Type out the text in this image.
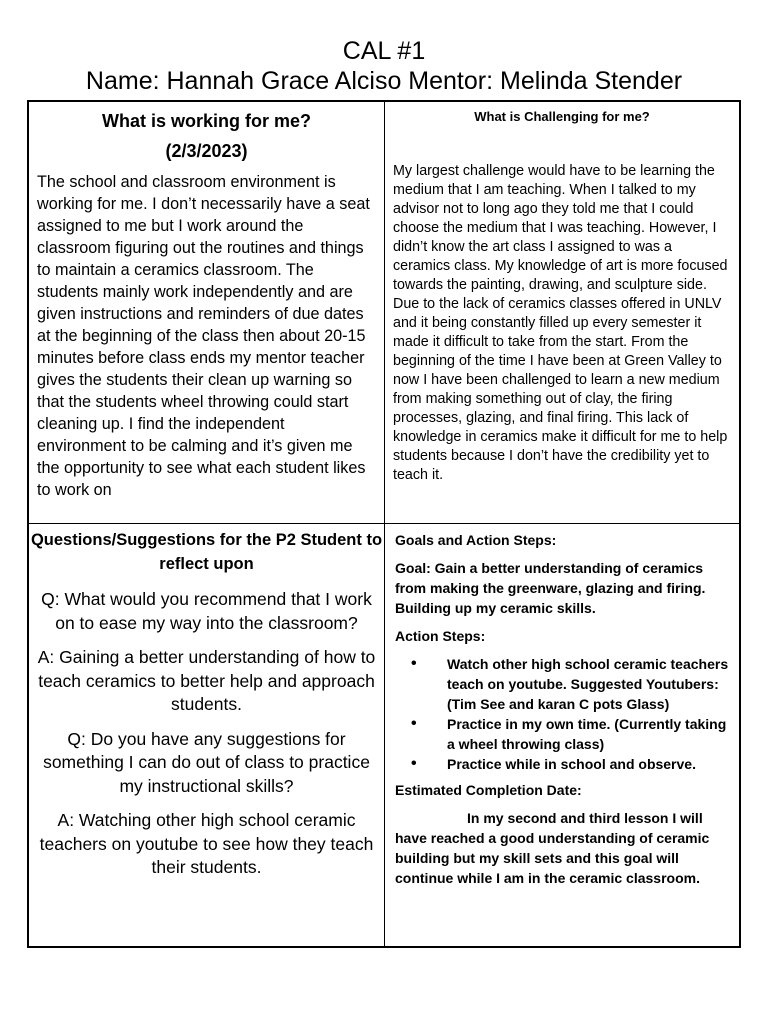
CAL #1
Name: Hannah Grace Alciso Mentor: Melinda Stender
What is working for me?
(2/3/2023)
The school and classroom environment is working for me. I don’t necessarily have a seat assigned to me but I work around the classroom figuring out the routines and things to maintain a ceramics classroom. The students mainly work independently and are given instructions and reminders of due dates at the beginning of the class then about 20-15 minutes before class ends my mentor teacher gives the students their clean up warning so that the students wheel throwing could start cleaning up. I find the independent environment to be calming and it’s given me the opportunity to see what each student likes to work on
What is Challenging for me?
My largest challenge would have to be learning the medium that I am teaching. When I talked to my advisor not to long ago they told me that I could choose the medium that I was teaching. However, I didn’t know the art class I assigned to was a ceramics class. My knowledge of art is more focused towards the painting, drawing, and sculpture side. Due to the lack of ceramics classes offered in UNLV and it being constantly filled up every semester it made it difficult to take from the start. From the beginning of the time I have been at Green Valley to now I have been challenged to learn a new medium from making something out of clay, the firing processes, glazing, and final firing. This lack of knowledge in ceramics make it difficult for me to help students because I don’t have the credibility yet to teach it.
Questions/Suggestions for the P2 Student to reflect upon
Q: What would you recommend that I work on to ease my way into the classroom?
A: Gaining a better understanding of how to teach ceramics to better help and approach students.
Q: Do you have any suggestions for something I can do out of class to practice my instructional skills?
A: Watching other high school ceramic teachers on youtube to see how they teach their students.
Goals and Action Steps:
Goal: Gain a better understanding of ceramics from making the greenware, glazing and firing. Building up my ceramic skills.
Action Steps:
• Watch other high school ceramic teachers teach on youtube. Suggested Youtubers: (Tim See and karan C pots Glass)
• Practice in my own time. (Currently taking a wheel throwing class)
• Practice while in school and observe.
Estimated Completion Date:
In my second and third lesson I will have reached a good understanding of ceramic building but my skill sets and this goal will continue while I am in the ceramic classroom.
